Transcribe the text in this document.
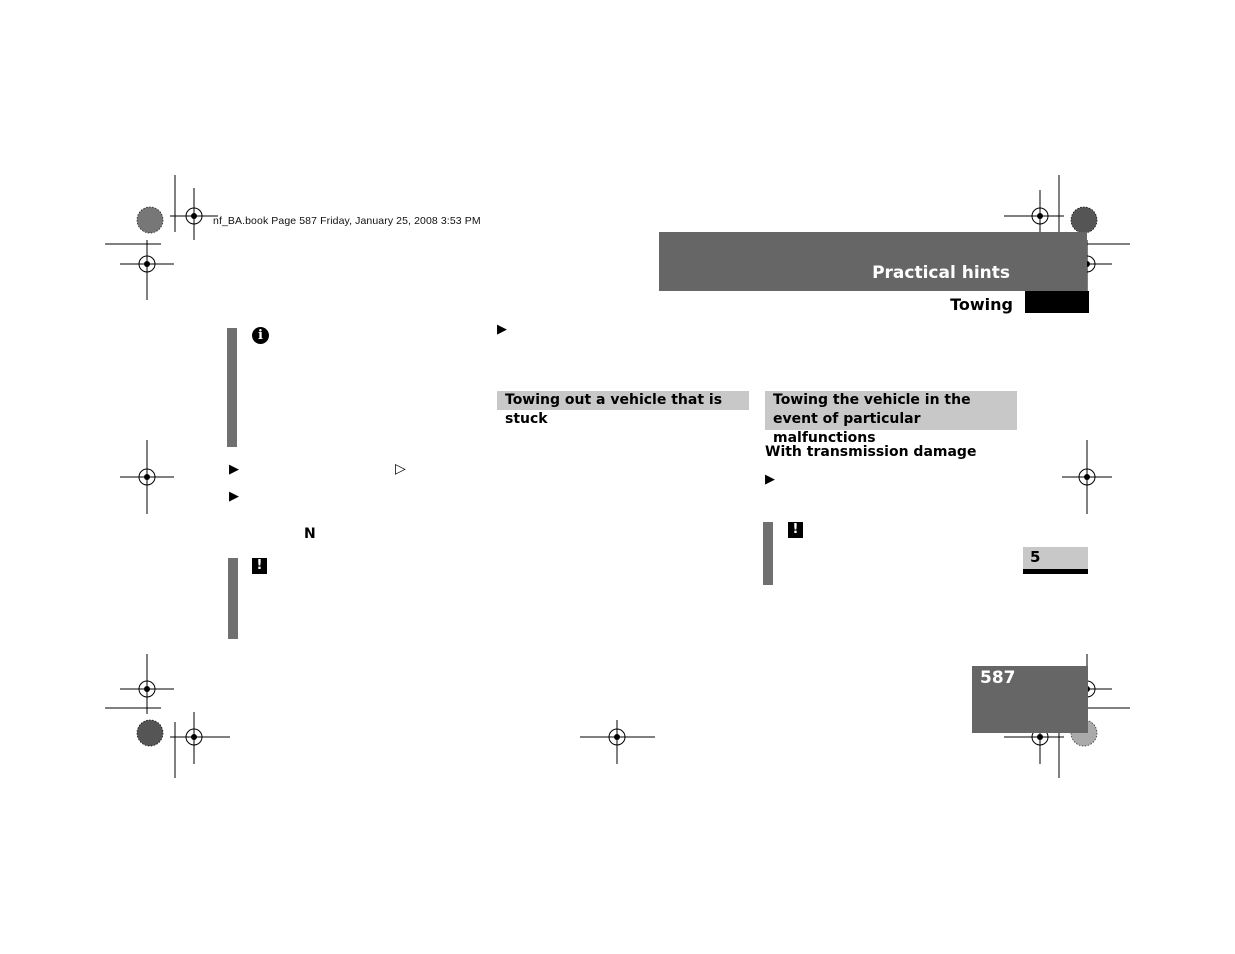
nf_BA.book Page 587 Friday, January 25, 2008 3:53 PM
Practical hints
Towing
i
▶	▷
▶
N
!
▶
Towing out a vehicle that is stuck
Towing the vehicle in the event of particular malfunctions
With transmission damage
▶
!
5
587
